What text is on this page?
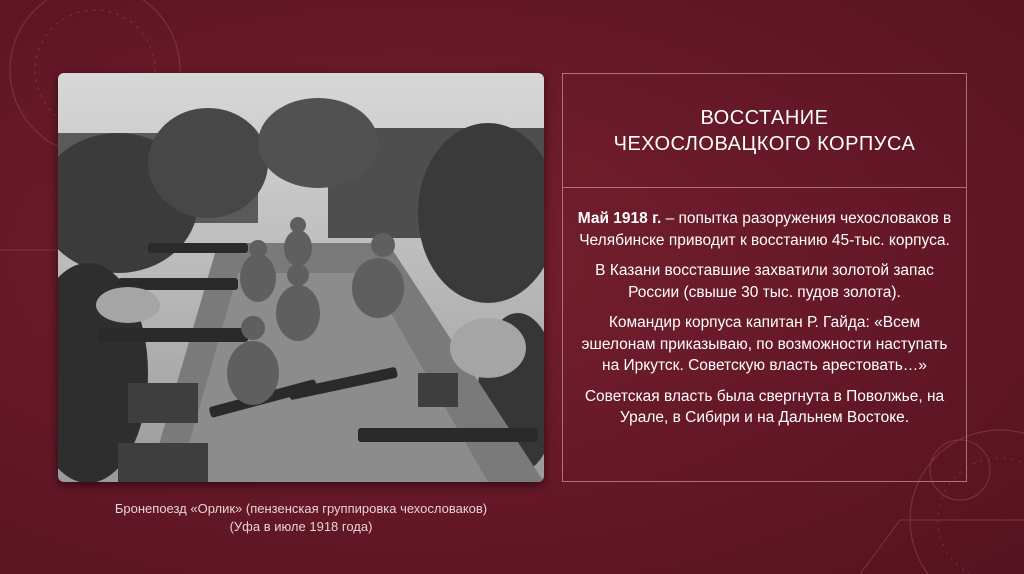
Бронепоезд «Орлик» (пензенская группировка чехословаков)
(Уфа в июле 1918 года)
ВОССТАНИЕ
ЧЕХОСЛОВАЦКОГО КОРПУСА

Май 1918 г. – попытка разоружения чехословаков в Челябинске приводит к восстанию 45-тыс. корпуса.

В Казани восставшие захватили золотой запас России (свыше 30 тыс. пудов золота).

Командир корпуса капитан Р. Гайда: «Всем эшелонам приказываю, по возможности наступать на Иркутск. Советскую власть арестовать…»

Советская власть была свергнута в Поволжье, на Урале, в Сибири и на Дальнем Востоке.
